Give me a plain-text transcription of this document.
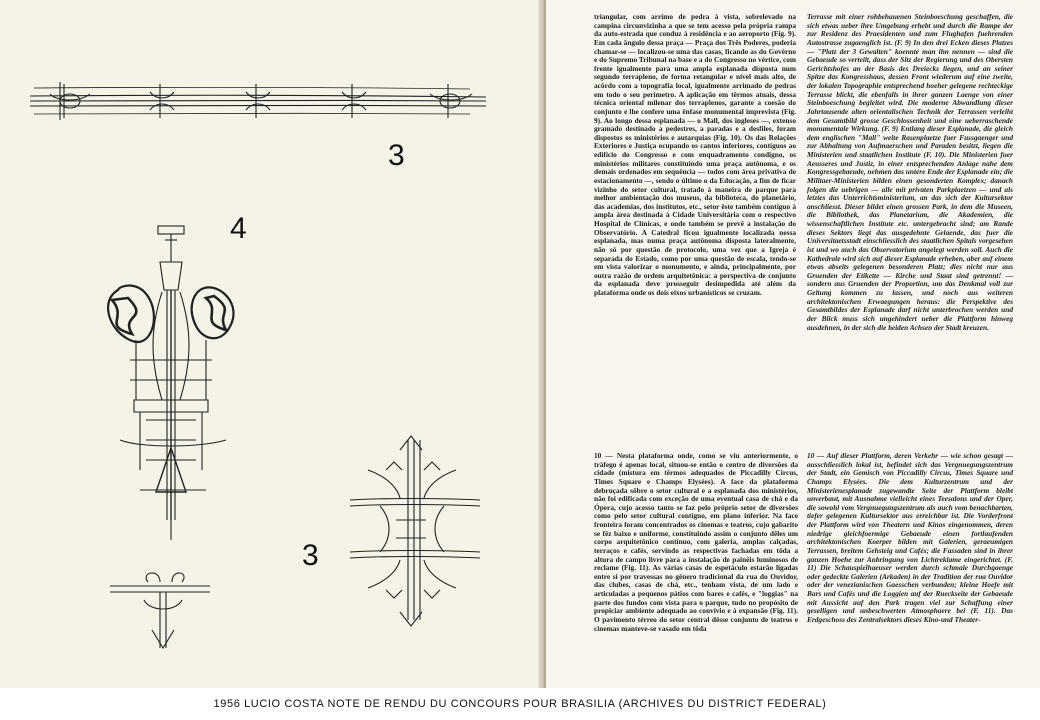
3
4
3

triangular, com arrimo de pedra à vista, sobrelevado na campina circunvizinha a que se tem acesso pela própria rampa da auto-estrada que conduz à residência e ao aeroporto (Fig. 9). Em cada ângulo dessa praça — Praça dos Três Poderes, poderia chamar-se — localizou-se uma das casas, ficando as do Govêrno e do Supremo Tribunal na base e a do Congresso no vértice, com frente igualmente para uma ampla esplanada disposta num segundo terrapleno, de forma retangular e nível mais alto, de acôrdo com a topografia local, igualmente arrimado de pedras em todo o seu perímetro. A aplicação em têrmos atuais, dessa técnica oriental milenar dos terraplenos, garante a coesão do conjunto e lhe confere uma ênfase monumental imprevista (Fig. 9). Ao longo dessa esplanada — o Mall, dos ingleses —, extenso gramado destinado a pedestres, a paradas e a desfiles, foram dispostos os ministérios e autarquias (Fig. 10). Os das Relações Exteriores e Justiça ocupando os cantos inferiores, contíguos ao edifício do Congresso e com enquadramento condigno, os ministérios militares constituindo uma praça autônoma, e os demais ordenados em sequência — todos com área privativa de estacionamento —, sendo o último o da Educação, a fim de ficar vizinho do setor cultural, tratado à maneira de parque para melhor ambientação dos museus, da biblioteca, do planetário, das academias, dos institutos, etc., setor êste também contíguo à ampla área destinada à Cidade Universitária com o respectivo Hospital de Clínicas, e onde também se prevê a instalação do Observatório. A Catedral ficou igualmente localizada nessa esplanada, mas numa praça autônoma disposta lateralmente, não só por questão de protocolo, uma vez que a Igreja é separada do Estado, como por uma questão de escala, tendo-se em vista valorizar o monumento, e ainda, principalmente, por outra razão de ordem arquitetônica: a perspectiva de conjunto da esplanada deve prosseguir desimpedida até além da plataforma onde os dois eixos urbanísticos se cruzam.

Terrasse mit einer rohbehauenen Steinboeschung geschaffen, die sich etwas ueber ihre Umgebung erhebt und durch die Rampe der zur Residenz des Praesidenten und zum Flughafen fuehrenden Autostrasse zugaenglich ist. (F. 9) In den drei Ecken dieses Platzes — "Platz der 3 Gewalten" koennte man ihn nennen — sind die Gebaeude so verteilt, dass der Sitz der Regierung und des Obersten Gerichtshofes an der Basis des Dreiecks liegen, und an seiner Spitze das Kongresshaus, dessen Front wiederum auf eine zweite, der lokalen Topographie entsprechend hoeher gelegene rechteckige Terrasse blickt, die ebenfalls in ihrer ganzen Laenge von einer Steinboeschung begleitet wird. Die moderne Abwandlung dieser Jahrtausende alten orientalischen Technik der Terrassen verleiht dem Gesamtbild grosse Geschlossenheit und eine ueberraschende monumentale Wirkung. (F. 9) Entlang dieser Esplanade, die gleich dem englischen "Mall" weite Rasenplaetze fuer Fussgaenger und zur Abhaltung von Aufmaerschen und Paraden besitzt, liegen die Ministerien und staatlichen Institute (F. 10). Die Ministerien fuer Aeusseres und Justiz, in einer entsprechenden Anlage nahe dem Kongressgebaeude, nehmen das untere Ende der Esplanade ein; die Militaer-Ministerien bilden einen gesonderten Komplex; danach folgen die uebrigen — alle mit privaten Parkplaetzen — und als letztes das Unterrichtsministerium, an das sich der Kultursektor anschliesst. Dieser bildet einen grossen Park, in dem die Museen, die Bibliothek, das Planetarium, die Akademien, die wissenschaftlichen Institute etc. untergebracht sind; am Rande dieses Sektors liegt das ausgedehnte Gelaende, das fuer die Universitaetsstadt einschliesslich des staatlichen Spitals vorgesehen ist und wo auch das Observatorium angelegt werden soll. Auch die Kathedrale wird sich auf dieser Esplanade erheben, aber auf einem etwas abseits gelegenen besonderen Platz; dies nicht nur aus Gruenden der Etikette — Kirche und Staat sind getrennt! — sondern aus Gruenden der Proportion, um das Denkmal voll zur Geltung kommen zu lassen, und noch aus weiteren architektonischen Erwaegungen heraus: die Perspektive des Gesamtbildes der Esplanade darf nicht unterbrochen werden und der Blick muss sich ungehindert ueber die Plattform hinweg ausdehnen, in der sich die beiden Achsen der Stadt kreuzen.

10 — Nesta plataforma onde, como se viu anteriormente, o tráfego é apenas local, situou-se então o centro de diversões da cidade (mistura em têrmos adequados de Piccadilly Circus, Times Square e Champs Elysées). A face da plataforma debruçada sôbre o setor cultural e a esplanada dos ministérios, não foi edificada com exceção de uma eventual casa de chá e da Ópera, cujo acesso tanto se faz pelo próprio setor de diversões como pelo setor cultural contíguo, em plano inferior. Na face fronteira foram concentrados os cinemas e teatros, cujo gabarito se fêz baixo e uniforme, constituindo assim o conjunto dêles um corpo arquitetônico contínuo, com galeria, amplas calçadas, terraços e cafés, servindo as respectivas fachadas em tôda a altura de campo livre para a instalação de painéis luminosos de reclame (Fig. 11). As várias casas de espetáculo estarão ligadas entre si por travessas no gênero tradicional da rua do Ouvidor, das clubes, casas de chá, etc., tenham vista, de um lado e articuladas a pequenos pátios com bares e cafés, e "loggias" na parte dos fundos com vista para o parque, tudo no propósito de propiciar ambiente adequado ao convívio e à expansão (Fig. 11). O pavimento térreo do setor central dêsse conjunto de teatros e cinemas manteve-se vasado em tôda

10 — Auf dieser Plattform, deren Verkehr — wie schon gesagt — ausschliesslich lokal ist, befindet sich das Vergnuegungszentrum der Stadt, ein Gemisch von Piccadilly Circus, Times Square und Champs Elysées. Die dem Kulturzentrum und der Ministerienesplanade zugewandte Seite der Plattform bleibt unverbaut, mit Ausnahme vielleicht eines Teesalons und der Oper, die sowohl vom Vergnuegungszentrum als auch vom benachbarten, tiefer gelegenen Kultursektor aus erreichbar ist. Die Vorderfront der Plattform wird von Theatern und Kinos eingenommen, deren niedrige gleichfoermige Gebaeude einen fortlaufenden architektonischen Koerper bilden mit Galerien, geraeumigen Terrassen, breitem Gehsteig und Cafés; die Fassaden sind in ihrer ganzen Hoehe zur Anbringung von Lichtreklame eingerichtet. (F. 11) Die Schauspielhaeuser werden durch schmale Durchgaenge oder gedeckte Galerien (Arkaden) in der Tradition der rua Ouvidor oder der venezianischen Gaesschen verbunden; kleine Hoefe mit Bars und Cafés und die Loggien auf der Rueckseite der Gebaeude mit Aussicht auf den Park tragen viel zur Schaffung einer geselligen und unbeschwerten Atmosphaere bei (F. 11). Das Erdgeschoss des Zentralsektors dieses Kino-und Theater-

1956 LUCIO COSTA NOTE DE RENDU DU CONCOURS POUR BRASILIA (ARCHIVES DU DISTRICT FEDERAL)
